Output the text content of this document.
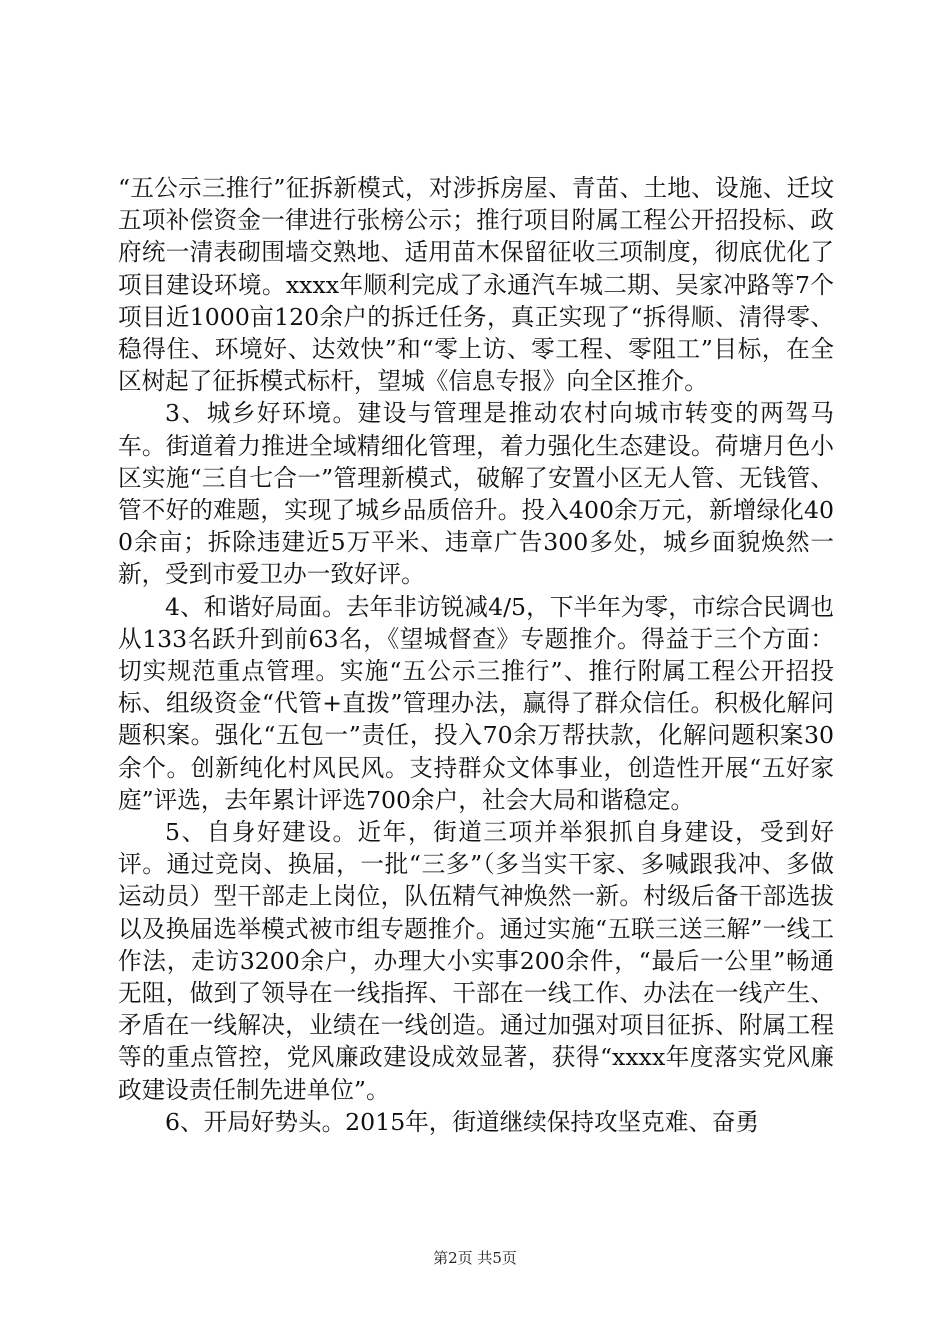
“五公示三推行”征拆新模式，对涉拆房屋、青苗、土地、设施、迁坟五项补偿资金一律进行张榜公示；推行项目附属工程公开招投标、政府统一清表砌围墙交熟地、适用苗木保留征收三项制度，彻底优化了项目建设环境。xxxx年顺利完成了永通汽车城二期、吴家冲路等7个项目近1000亩120余户的拆迁任务，真正实现了“拆得顺、清得零、稳得住、环境好、达效快”和“零上访、零工程、零阻工”目标，在全区树起了征拆模式标杆，望城《信息专报》向全区推介。

3、城乡好环境。建设与管理是推动农村向城市转变的两驾马车。街道着力推进全域精细化管理，着力强化生态建设。荷塘月色小区实施“三自七合一”管理新模式，破解了安置小区无人管、无钱管、管不好的难题，实现了城乡品质倍升。投入400余万元，新增绿化400余亩；拆除违建近5万平米、违章广告300多处，城乡面貌焕然一新，受到市爱卫办一致好评。

4、和谐好局面。去年非访锐减4/5，下半年为零，市综合民调也从133名跃升到前63名，《望城督查》专题推介。得益于三个方面：切实规范重点管理。实施“五公示三推行”、推行附属工程公开招投标、组级资金“代管+直拨”管理办法，赢得了群众信任。积极化解问题积案。强化“五包一”责任，投入70余万帮扶款，化解问题积案30余个。创新纯化村风民风。支持群众文体事业，创造性开展“五好家庭”评选，去年累计评选700余户，社会大局和谐稳定。

5、自身好建设。近年，街道三项并举狠抓自身建设，受到好评。通过竞岗、换届，一批“三多”（多当实干家、多喊跟我冲、多做运动员）型干部走上岗位，队伍精气神焕然一新。村级后备干部选拔以及换届选举模式被市组专题推介。通过实施“五联三送三解”一线工作法，走访3200余户，办理大小实事200余件，“最后一公里”畅通无阻，做到了领导在一线指挥、干部在一线工作、办法在一线产生、矛盾在一线解决，业绩在一线创造。通过加强对项目征拆、附属工程等的重点管控，党风廉政建设成效显著，获得“xxxx年度落实党风廉政建设责任制先进单位”。

6、开局好势头。2015年，街道继续保持攻坚克难、奋勇

第2页 共5页
